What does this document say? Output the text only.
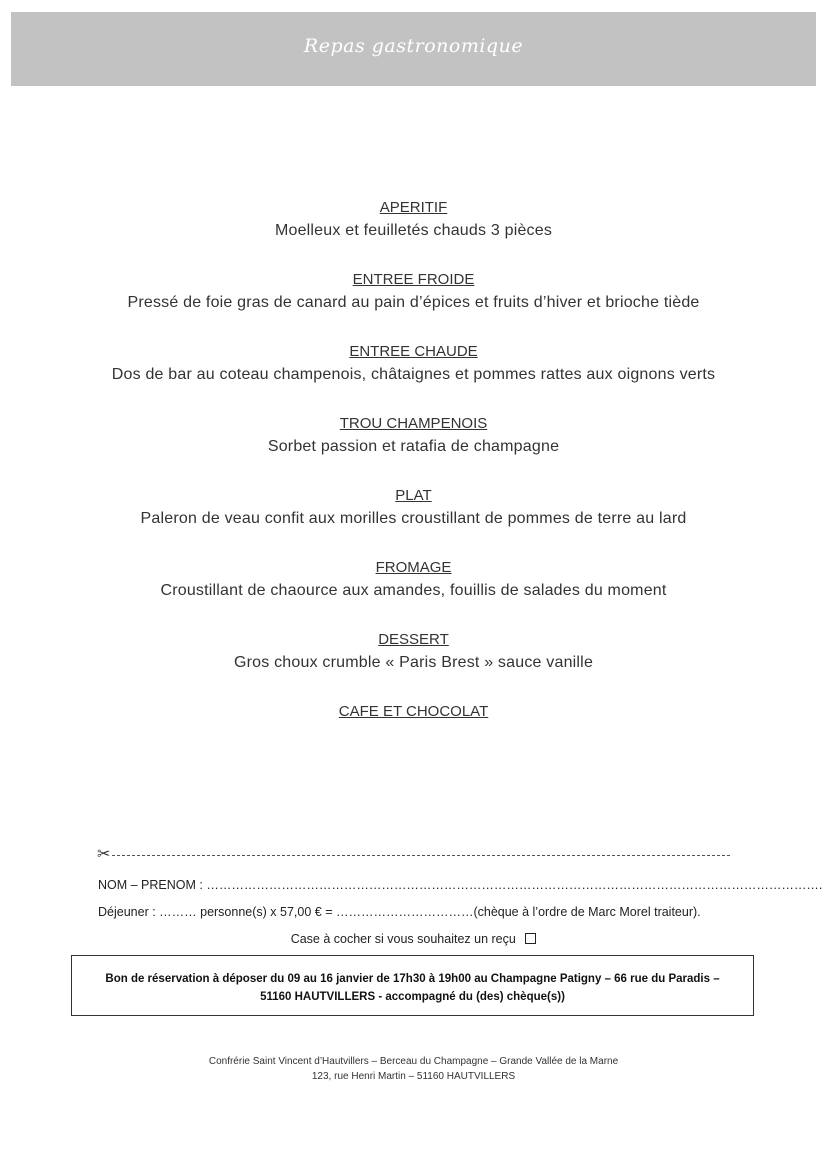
Repas gastronomique
APERITIF
Moelleux et feuilletés chauds 3 pièces
ENTREE FROIDE
Pressé de foie gras de canard au pain d’épices et fruits d’hiver et brioche tiède
ENTREE CHAUDE
Dos de bar au coteau champenois, châtaignes et pommes rattes aux oignons verts
TROU CHAMPENOIS
Sorbet passion et ratafia de champagne
PLAT
Paleron de veau confit aux morilles croustillant de pommes de terre au lard
FROMAGE
Croustillant de chaource aux amandes, fouillis de salades du moment
DESSERT
Gros choux crumble « Paris Brest » sauce vanille
CAFE ET CHOCOLAT
✂
NOM – PRENOM : ………………………………………………………………………………………………………………………………….
Déjeuner : ……… personne(s) x 57,00 € = ……………………………(chèque à l’ordre de Marc Morel traiteur).
Case à cocher si vous souhaitez un reçu
Bon de réservation à déposer du 09 au 16 janvier de 17h30 à 19h00 au Champagne Patigny – 66 rue du Paradis –
51160 HAUTVILLERS - accompagné du (des) chèque(s))
Confrérie Saint Vincent d’Hautvillers – Berceau du Champagne – Grande Vallée de la Marne
123, rue Henri Martin – 51160 HAUTVILLERS
